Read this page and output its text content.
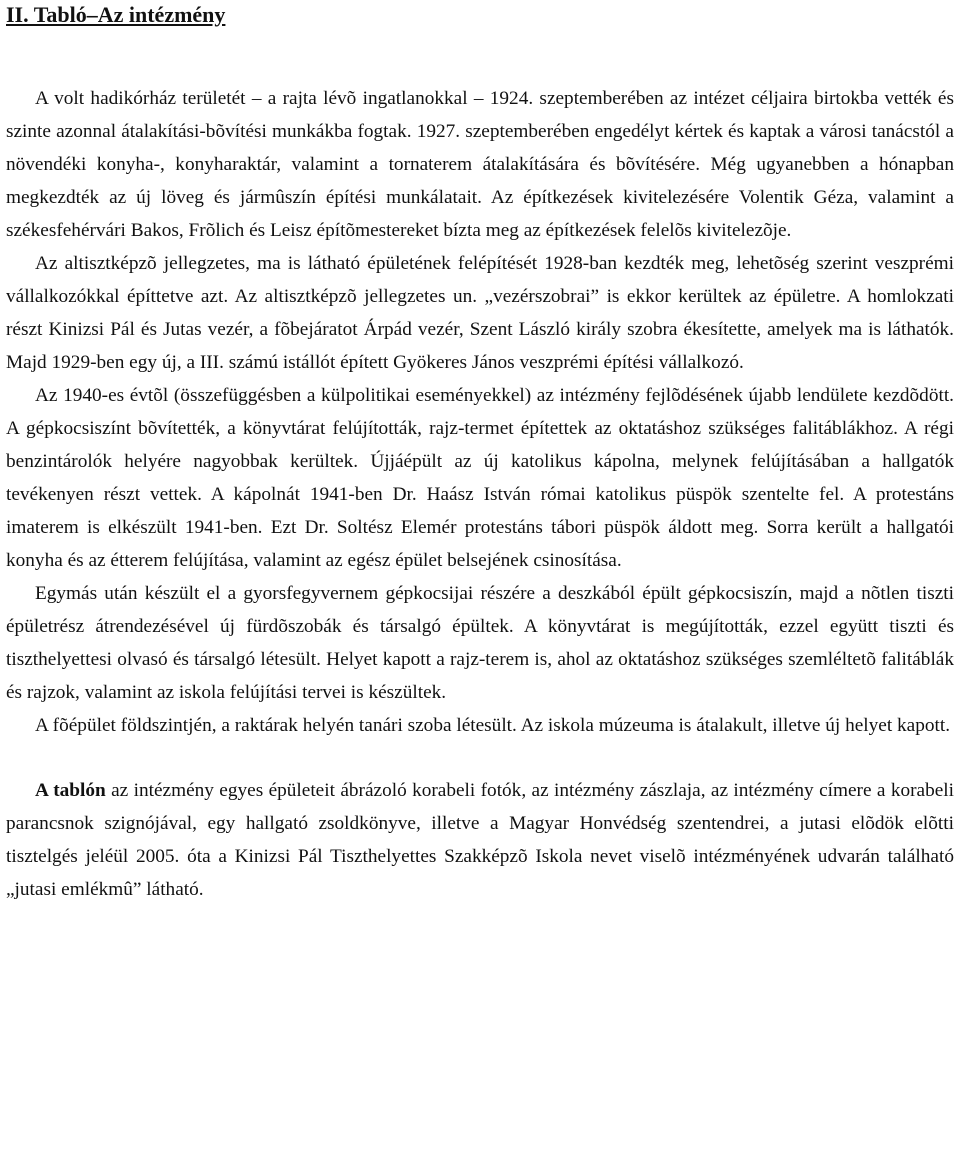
II. Tabló–Az intézmény

A volt hadikórház területét – a rajta lévõ ingatlanokkal – 1924. szeptemberében az intézet céljaira birtokba vették és szinte azonnal átalakítási-bõvítési munkákba fogtak. 1927. szeptemberében engedélyt kértek és kaptak a városi tanácstól a növendéki konyha-, konyharaktár, valamint a tornaterem átalakítására és bõvítésére. Még ugyanebben a hónapban megkezdték az új löveg és jármûszín építési munkálatait. Az építkezések kivitelezésére Volentik Géza, valamint a székesfehérvári Bakos, Frõlich és Leisz építõmestereket bízta meg az építkezések felelõs kivitelezõje.

Az altisztképzõ jellegzetes, ma is látható épületének felépítését 1928-ban kezdték meg, lehetõség szerint veszprémi vállalkozókkal építtetve azt. Az altisztképzõ jellegzetes un. „vezérszobrai” is ekkor kerültek az épületre. A homlokzati részt Kinizsi Pál és Jutas vezér, a fõbejáratot Árpád vezér, Szent László király szobra ékesítette, amelyek ma is láthatók. Majd 1929-ben egy új, a III. számú istállót épített Gyökeres János veszprémi építési vállalkozó.

Az 1940-es évtõl (összefüggésben a külpolitikai eseményekkel) az intézmény fejlõdésének újabb lendülete kezdõdött. A gépkocsiszínt bõvítették, a könyvtárat felújították, rajz-termet építettek az oktatáshoz szükséges falitáblákhoz. A régi benzintárolók helyére nagyobbak kerültek. Újjáépült az új katolikus kápolna, melynek felújításában a hallgatók tevékenyen részt vettek. A kápolnát 1941-ben Dr. Haász István római katolikus püspök szentelte fel. A protestáns imaterem is elkészült 1941-ben. Ezt Dr. Soltész Elemér protestáns tábori püspök áldott meg. Sorra került a hallgatói konyha és az étterem felújítása, valamint az egész épület belsejének csinosítása.

Egymás után készült el a gyorsfegyvernem gépkocsijai részére a deszkából épült gépkocsiszín, majd a nõtlen tiszti épületrész átrendezésével új fürdõszobák és társalgó épültek. A könyvtárat is megújították, ezzel együtt tiszti és tiszthelyettesi olvasó és társalgó létesült. Helyet kapott a rajz-terem is, ahol az oktatáshoz szükséges szemléltetõ falitáblák és rajzok, valamint az iskola felújítási tervei is készültek.

A fõépület földszintjén, a raktárak helyén tanári szoba létesült. Az iskola múzeuma is átalakult, illetve új helyet kapott.

A tablón az intézmény egyes épületeit ábrázoló korabeli fotók, az intézmény zászlaja, az intézmény címere a korabeli parancsnok szignójával, egy hallgató zsoldkönyve, illetve a Magyar Honvédség szentendrei, a jutasi elõdök elõtti tisztelgés jeléül 2005. óta a Kinizsi Pál Tiszthelyettes Szakképzõ Iskola nevet viselõ intézményének udvarán található „jutasi emlékmû” látható.
